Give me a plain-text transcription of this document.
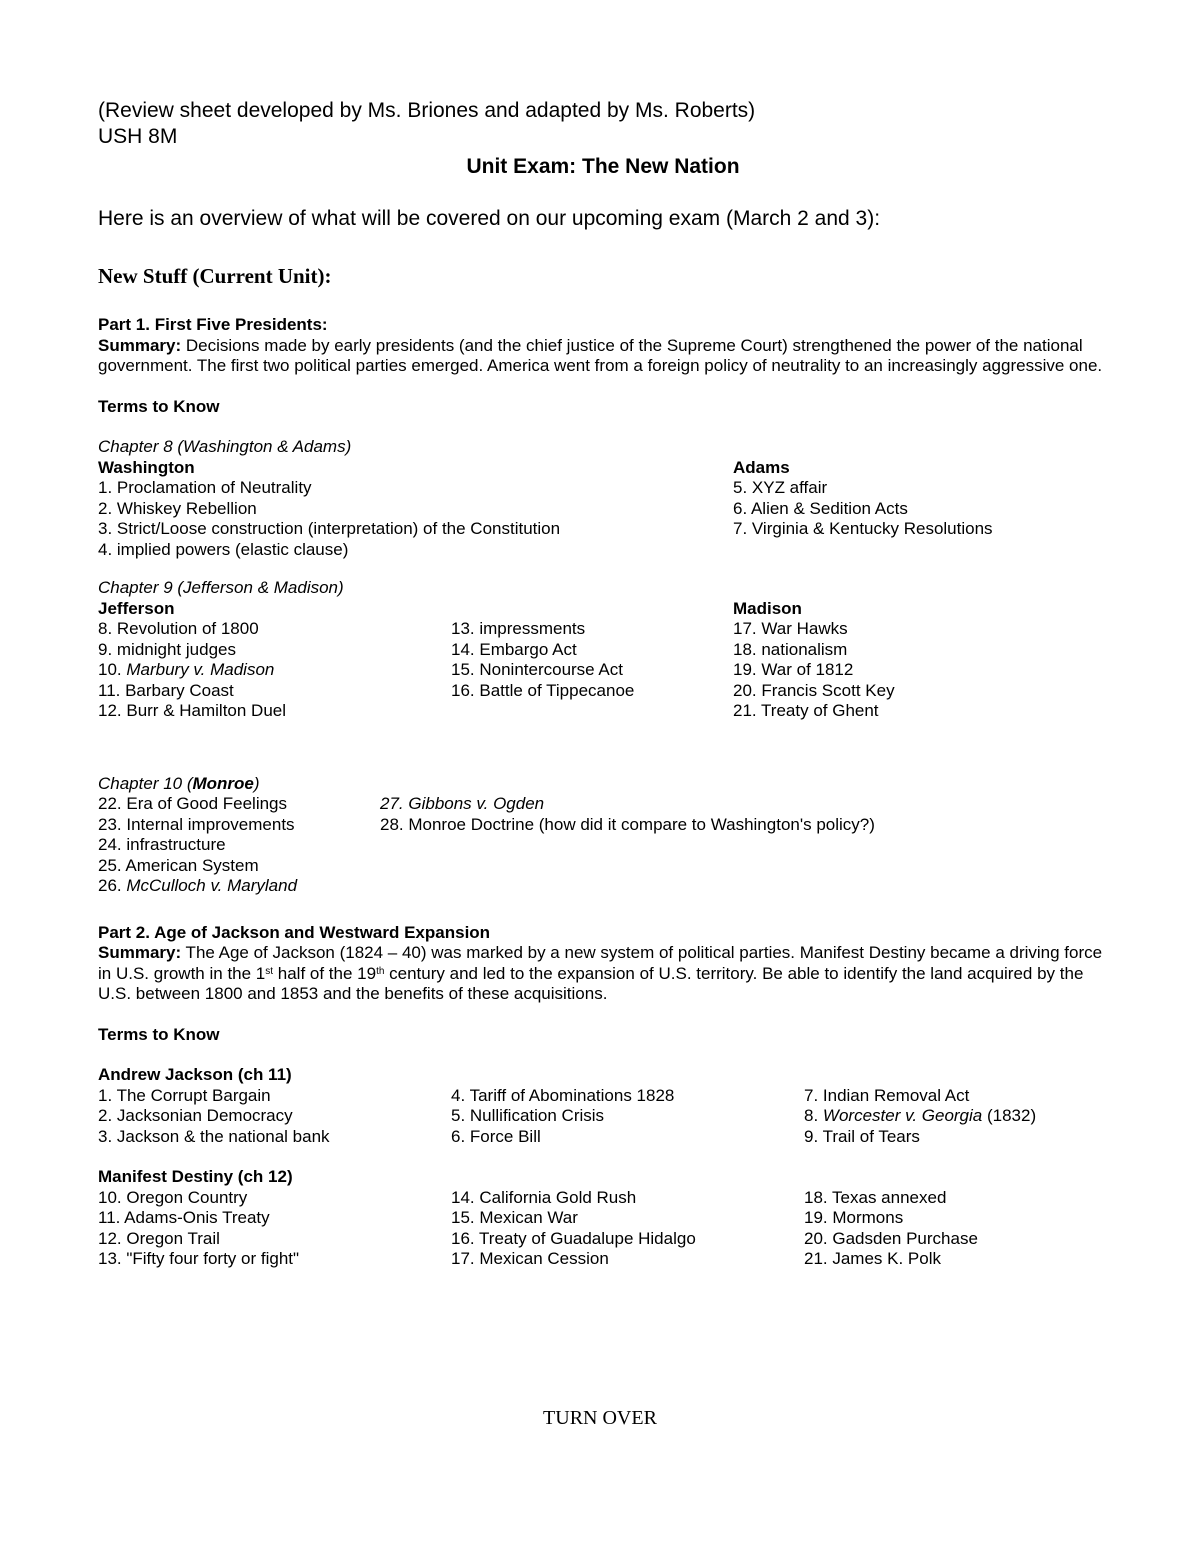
(Review sheet developed by Ms. Briones and adapted by Ms. Roberts)
USH 8M
Unit Exam: The New Nation
Here is an overview of what will be covered on our upcoming exam (March 2 and 3):
New Stuff (Current Unit):
Part 1. First Five Presidents:
Summary: Decisions made by early presidents (and the chief justice of the Supreme Court) strengthened the power of the national government. The first two political parties emerged. America went from a foreign policy of neutrality to an increasingly aggressive one.
Terms to Know
Chapter 8 (Washington & Adams)
Washington
1. Proclamation of Neutrality
2. Whiskey Rebellion
3. Strict/Loose construction (interpretation) of the Constitution
4. implied powers (elastic clause)
Adams
5. XYZ affair
6. Alien & Sedition Acts
7. Virginia & Kentucky Resolutions
Chapter 9 (Jefferson & Madison)
Jefferson
8. Revolution of 1800
9. midnight judges
10. Marbury v. Madison
11. Barbary Coast
12. Burr & Hamilton Duel

13. impressments
14. Embargo Act
15. Nonintercourse Act
16. Battle of Tippecanoe
Madison
17. War Hawks
18. nationalism
19. War of 1812
20. Francis Scott Key
21. Treaty of Ghent
Chapter 10 (Monroe)
22. Era of Good Feelings
23. Internal improvements
24. infrastructure
25. American System
26. McCulloch v. Maryland
27. Gibbons v. Ogden
28. Monroe Doctrine (how did it compare to Washington's policy?)
Part 2. Age of Jackson and Westward Expansion
Summary: The Age of Jackson (1824 – 40) was marked by a new system of political parties. Manifest Destiny became a driving force in U.S. growth in the 1st half of the 19th century and led to the expansion of U.S. territory. Be able to identify the land acquired by the U.S. between 1800 and 1853 and the benefits of these acquisitions.
Terms to Know
Andrew Jackson (ch 11)
1. The Corrupt Bargain
2. Jacksonian Democracy
3. Jackson & the national bank
4. Tariff of Abominations 1828
5. Nullification Crisis
6. Force Bill
7. Indian Removal Act
8. Worcester v. Georgia (1832)
9. Trail of Tears
Manifest Destiny (ch 12)
10. Oregon Country
11. Adams-Onis Treaty
12. Oregon Trail
13. "Fifty four forty or fight"
14. California Gold Rush
15. Mexican War
16. Treaty of Guadalupe Hidalgo
17. Mexican Cession
18. Texas annexed
19. Mormons
20. Gadsden Purchase
21. James K. Polk
TURN OVER
